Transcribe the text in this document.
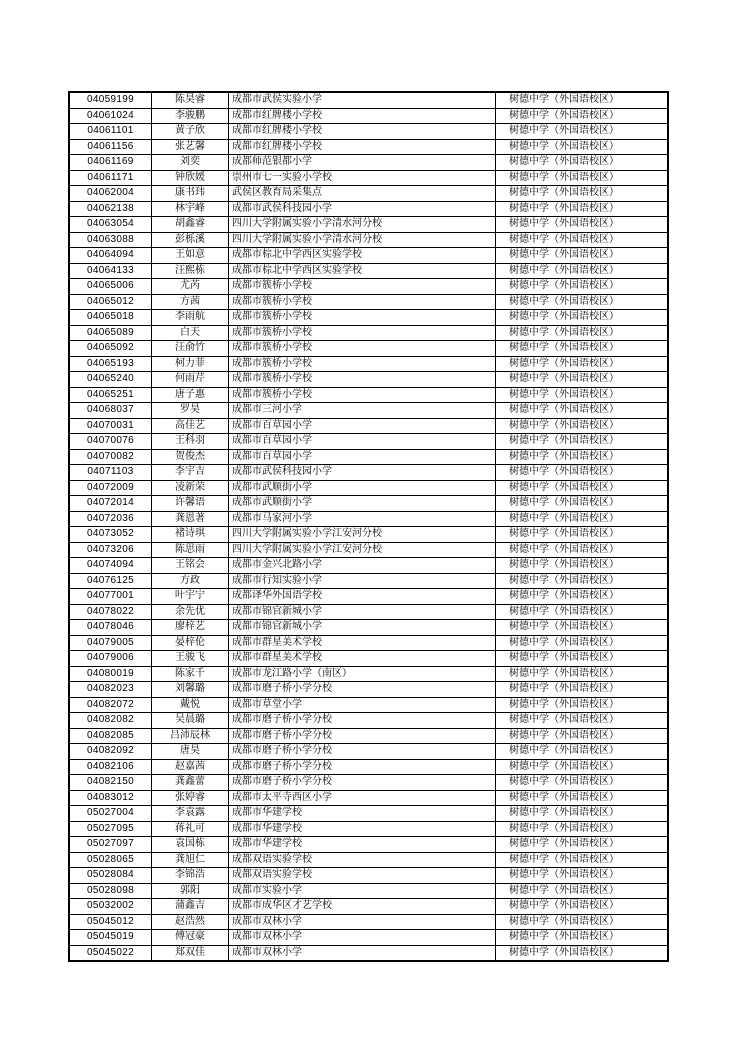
04059199	陈昊睿	成都市武侯实验小学	树德中学（外国语校区）
04061024	李骏鹏	成都市红牌楼小学校	树德中学（外国语校区）
04061101	黄子欣	成都市红牌楼小学校	树德中学（外国语校区）
04061156	张艺馨	成都市红牌楼小学校	树德中学（外国语校区）
04061169	刘奕	成都师范银都小学	树德中学（外国语校区）
04061171	钟欣媛	崇州市七一实验小学校	树德中学（外国语校区）
04062004	康书玮	武侯区教育局采集点	树德中学（外国语校区）
04062138	林宇峰	成都市武侯科技园小学	树德中学（外国语校区）
04063054	胡鑫睿	四川大学附属实验小学清水河分校	树德中学（外国语校区）
04063088	彭栎溪	四川大学附属实验小学清水河分校	树德中学（外国语校区）
04064094	王如意	成都市棕北中学西区实验学校	树德中学（外国语校区）
04064133	汪熙栋	成都市棕北中学西区实验学校	树德中学（外国语校区）
04065006	尤芮	成都市簇桥小学校	树德中学（外国语校区）
04065012	方茜	成都市簇桥小学校	树德中学（外国语校区）
04065018	李雨航	成都市簇桥小学校	树德中学（外国语校区）
04065089	白天	成都市簇桥小学校	树德中学（外国语校区）
04065092	汪俞竹	成都市簇桥小学校	树德中学（外国语校区）
04065193	柯力菲	成都市簇桥小学校	树德中学（外国语校区）
04065240	何雨芹	成都市簇桥小学校	树德中学（外国语校区）
04065251	唐子惠	成都市簇桥小学校	树德中学（外国语校区）
04068037	罗昊	成都市三河小学	树德中学（外国语校区）
04070031	高佳艺	成都市百草园小学	树德中学（外国语校区）
04070076	王科羽	成都市百草园小学	树德中学（外国语校区）
04070082	贺俊杰	成都市百草园小学	树德中学（外国语校区）
04071103	李宇吉	成都市武侯科技园小学	树德中学（外国语校区）
04072009	凌新荣	成都市武顺街小学	树德中学（外国语校区）
04072014	许馨语	成都市武顺街小学	树德中学（外国语校区）
04072036	龚恩著	成都市马家河小学	树德中学（外国语校区）
04073052	褚诗琪	四川大学附属实验小学江安河分校	树德中学（外国语校区）
04073206	陈思雨	四川大学附属实验小学江安河分校	树德中学（外国语校区）
04074094	王铭会	成都市金兴北路小学	树德中学（外国语校区）
04076125	方政	成都市行知实验小学	树德中学（外国语校区）
04077001	叶宇宁	成都译华外国语学校	树德中学（外国语校区）
04078022	余先优	成都市锦官新城小学	树德中学（外国语校区）
04078046	廖梓艺	成都市锦官新城小学	树德中学（外国语校区）
04079005	晏梓伦	成都市群星美术学校	树德中学（外国语校区）
04079006	王骏飞	成都市群星美术学校	树德中学（外国语校区）
04080019	陈家千	成都市龙江路小学（南区）	树德中学（外国语校区）
04082023	刘馨璐	成都市磨子桥小学分校	树德中学（外国语校区）
04082072	戴悦	成都市草堂小学	树德中学（外国语校区）
04082082	吴晨璐	成都市磨子桥小学分校	树德中学（外国语校区）
04082085	吕沛辰林	成都市磨子桥小学分校	树德中学（外国语校区）
04082092	唐昊	成都市磨子桥小学分校	树德中学（外国语校区）
04082106	赵嘉茜	成都市磨子桥小学分校	树德中学（外国语校区）
04082150	龚鑫蕾	成都市磨子桥小学分校	树德中学（外国语校区）
04083012	张婷睿	成都市太平寺西区小学	树德中学（外国语校区）
05027004	李袁露	成都市华建学校	树德中学（外国语校区）
05027095	蒋礼可	成都市华建学校	树德中学（外国语校区）
05027097	袁国栋	成都市华建学校	树德中学（外国语校区）
05028065	龚旭仁	成都双语实验学校	树德中学（外国语校区）
05028084	李锦浩	成都双语实验学校	树德中学（外国语校区）
05028098	郭阳	成都市实验小学	树德中学（外国语校区）
05032002	蒲鑫吉	成都市成华区才艺学校	树德中学（外国语校区）
05045012	赵浩然	成都市双林小学	树德中学（外国语校区）
05045019	傅冠豪	成都市双林小学	树德中学（外国语校区）
05045022	郑双佳	成都市双林小学	树德中学（外国语校区）
